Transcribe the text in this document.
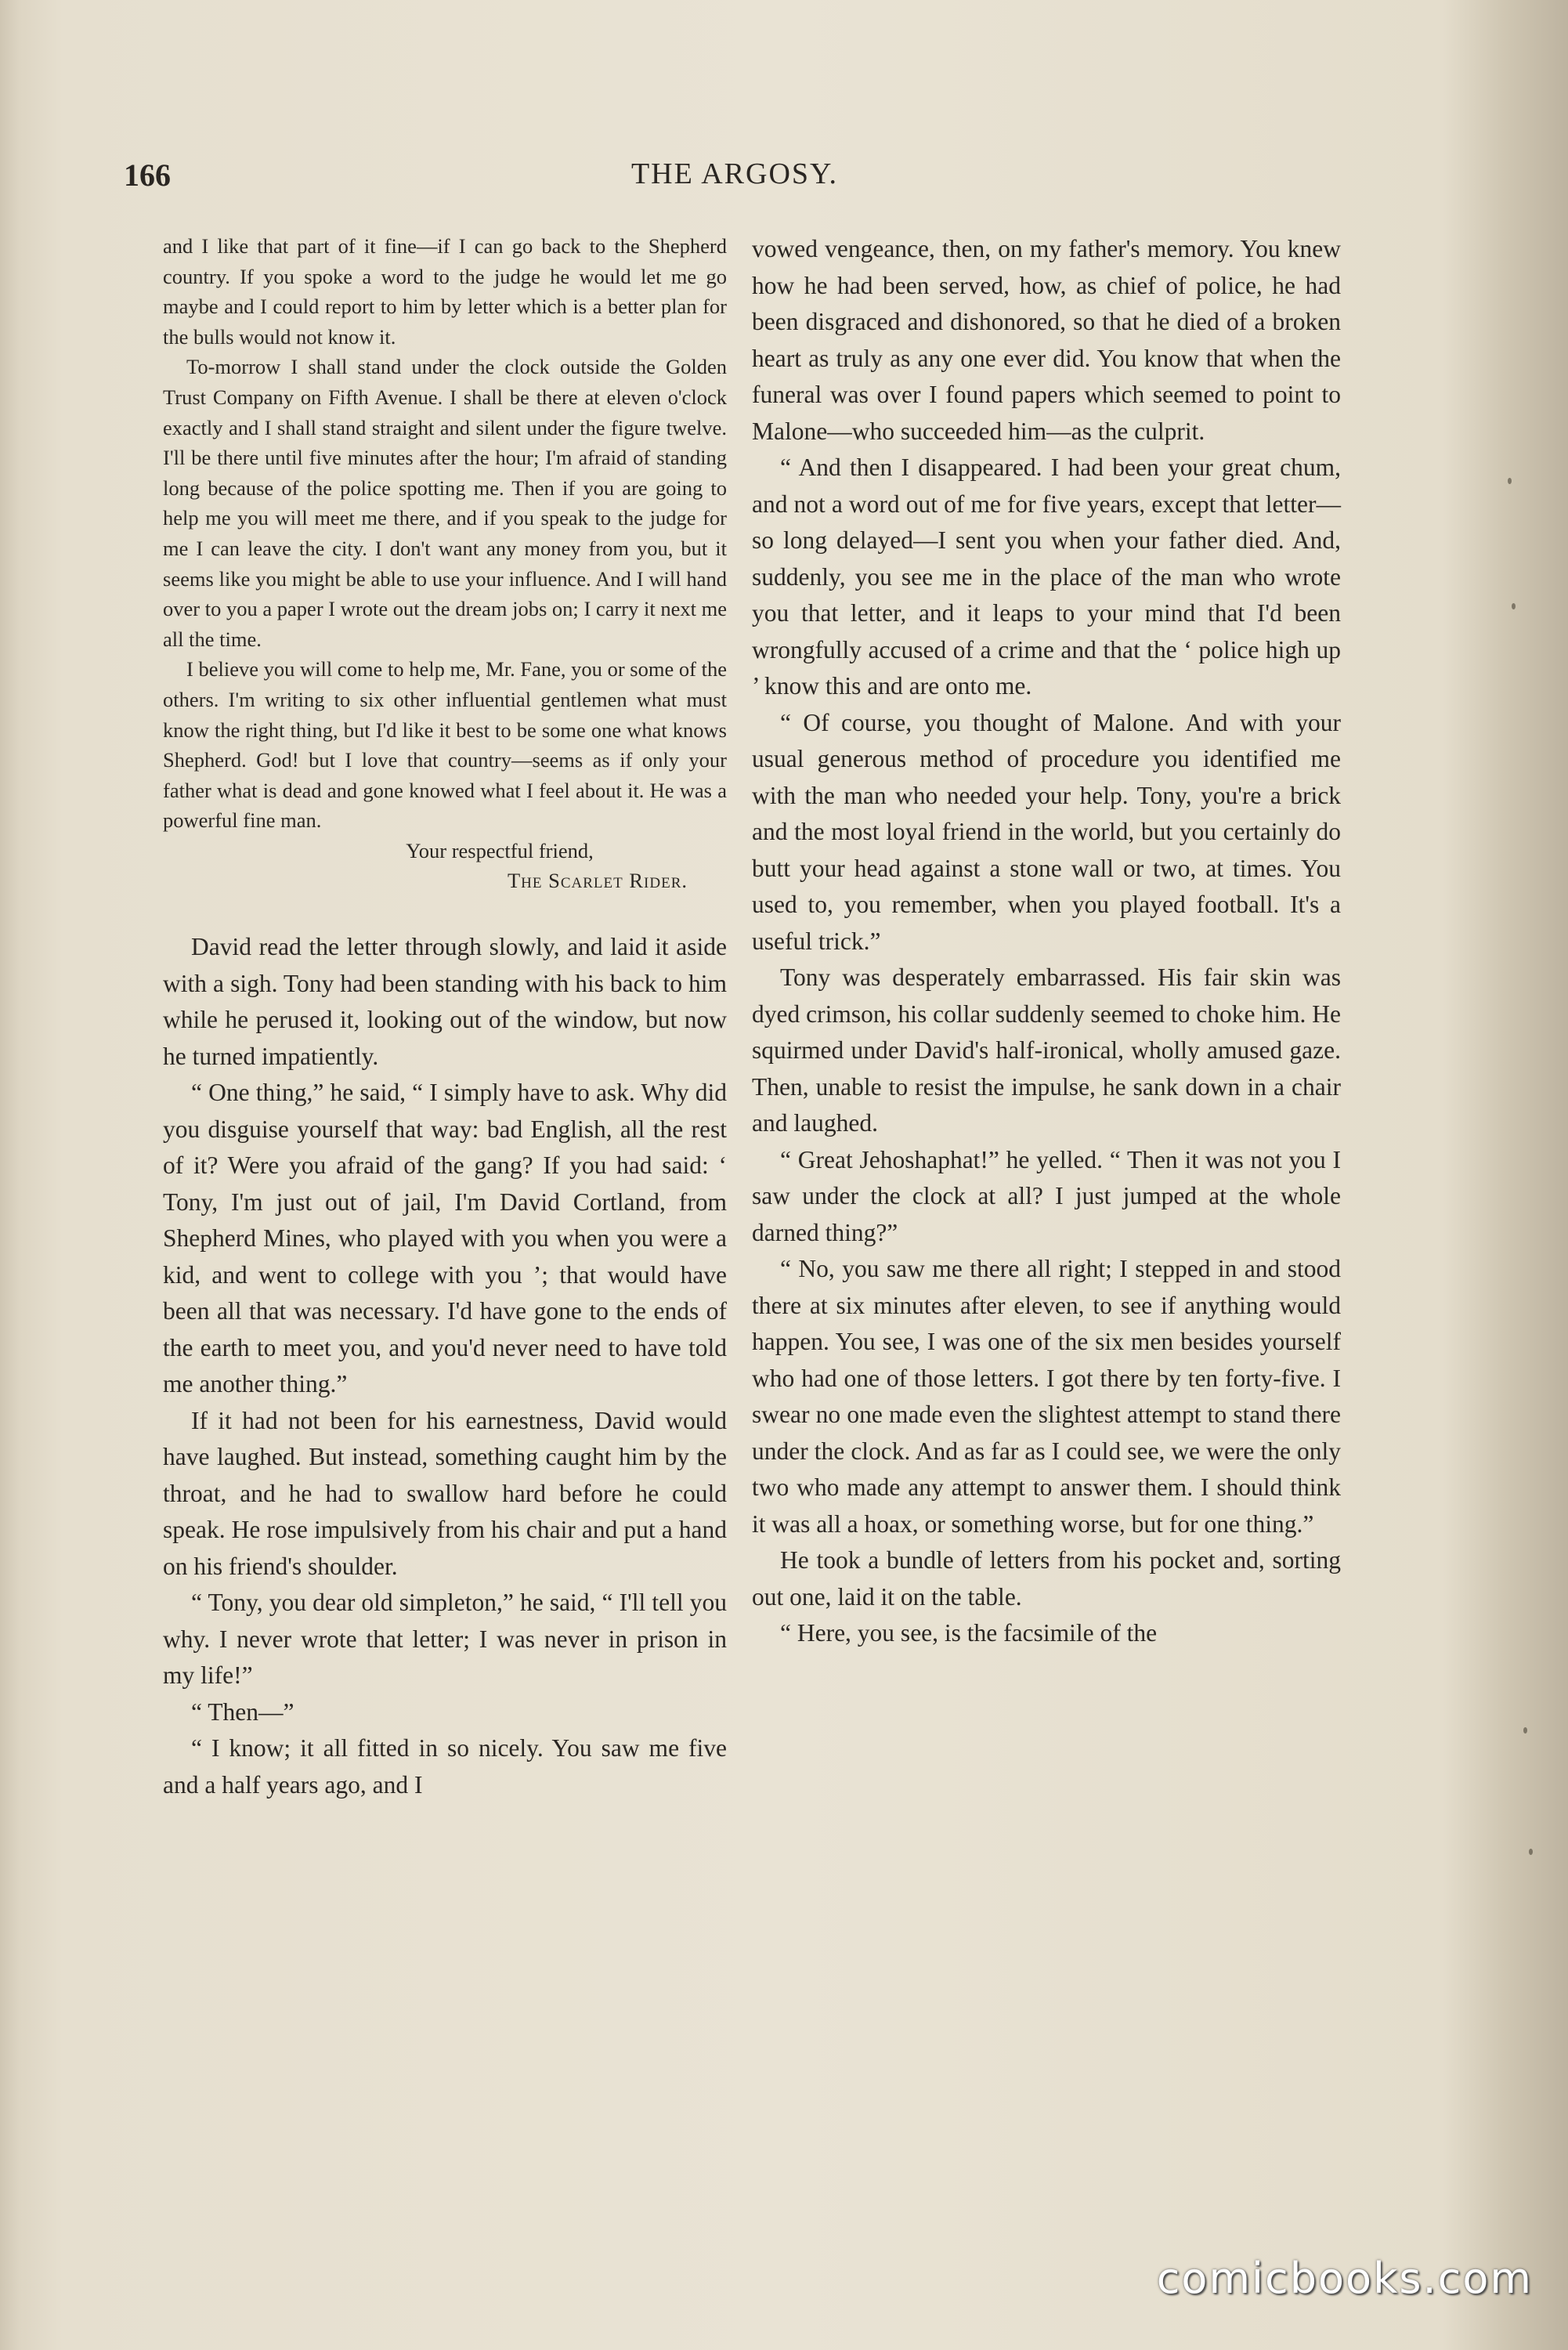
166	THE ARGOSY.

and I like that part of it fine—if I can go back to the Shepherd country. If you spoke a word to the judge he would let me go maybe and I could report to him by letter which is a better plan for the bulls would not know it.

To-morrow I shall stand under the clock outside the Golden Trust Company on Fifth Avenue. I shall be there at eleven o'clock exactly and I shall stand straight and silent under the figure twelve. I'll be there until five minutes after the hour; I'm afraid of standing long because of the police spotting me. Then if you are going to help me you will meet me there, and if you speak to the judge for me I can leave the city. I don't want any money from you, but it seems like you might be able to use your influence. And I will hand over to you a paper I wrote out the dream jobs on; I carry it next me all the time.

I believe you will come to help me, Mr. Fane, you or some of the others. I'm writing to six other influential gentlemen what must know the right thing, but I'd like it best to be some one what knows Shepherd. God! but I love that country—seems as if only your father what is dead and gone knowed what I feel about it. He was a powerful fine man.

Your respectful friend,

The Scarlet Rider.

David read the letter through slowly, and laid it aside with a sigh. Tony had been standing with his back to him while he perused it, looking out of the window, but now he turned impatiently.

“ One thing,” he said, “ I simply have to ask. Why did you disguise yourself that way: bad English, all the rest of it? Were you afraid of the gang? If you had said: ‘ Tony, I'm just out of jail, I'm David Cortland, from Shepherd Mines, who played with you when you were a kid, and went to college with you ’; that would have been all that was necessary. I'd have gone to the ends of the earth to meet you, and you'd never need to have told me another thing.”

If it had not been for his earnestness, David would have laughed. But instead, something caught him by the throat, and he had to swallow hard before he could speak. He rose impulsively from his chair and put a hand on his friend's shoulder.

“ Tony, you dear old simpleton,” he said, “ I'll tell you why. I never wrote that letter; I was never in prison in my life!”

“ Then—”

“ I know; it all fitted in so nicely. You saw me five and a half years ago, and I

vowed vengeance, then, on my father's memory. You knew how he had been served, how, as chief of police, he had been disgraced and dishonored, so that he died of a broken heart as truly as any one ever did. You know that when the funeral was over I found papers which seemed to point to Malone—who succeeded him—as the culprit.

“ And then I disappeared. I had been your great chum, and not a word out of me for five years, except that letter—so long delayed—I sent you when your father died. And, suddenly, you see me in the place of the man who wrote you that letter, and it leaps to your mind that I'd been wrongfully accused of a crime and that the ‘ police high up ’ know this and are onto me.

“ Of course, you thought of Malone. And with your usual generous method of procedure you identified me with the man who needed your help. Tony, you're a brick and the most loyal friend in the world, but you certainly do butt your head against a stone wall or two, at times. You used to, you remember, when you played football. It's a useful trick.”

Tony was desperately embarrassed. His fair skin was dyed crimson, his collar suddenly seemed to choke him. He squirmed under David's half-ironical, wholly amused gaze. Then, unable to resist the impulse, he sank down in a chair and laughed.

“ Great Jehoshaphat!” he yelled. “ Then it was not you I saw under the clock at all? I just jumped at the whole darned thing?”

“ No, you saw me there all right; I stepped in and stood there at six minutes after eleven, to see if anything would happen. You see, I was one of the six men besides yourself who had one of those letters. I got there by ten forty-five. I swear no one made even the slightest attempt to stand there under the clock. And as far as I could see, we were the only two who made any attempt to answer them. I should think it was all a hoax, or something worse, but for one thing.”

He took a bundle of letters from his pocket and, sorting out one, laid it on the table.

“ Here, you see, is the facsimile of the

comicbooks.com
